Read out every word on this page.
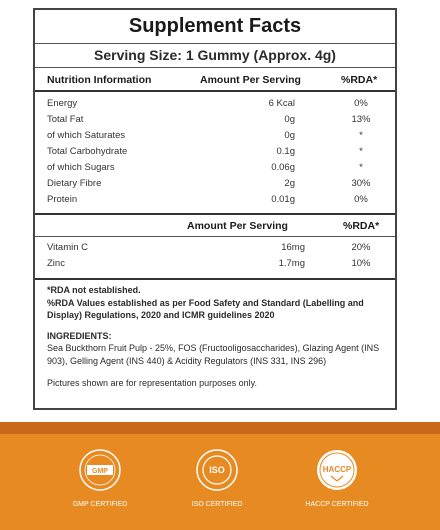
Supplement Facts
Serving Size: 1 Gummy (Approx. 4g)
Nutrition Information	Amount Per Serving	%RDA*
Energy	6 Kcal	0%
Total Fat	0g	13%
of which Saturates	0g	*
Total Carbohydrate	0.1g	*
of which Sugars	0.06g	*
Dietary Fibre	2g	30%
Protein	0.01g	0%
Amount Per Serving	%RDA*
Vitamin C	16mg	20%
Zinc	1.7mg	10%
*RDA not established.
%RDA Values established as per Food Safety and Standard (Labelling and Display) Regulations, 2020 and ICMR guidelines 2020
INGREDIENTS:
Sea Buckthorn Fruit Pulp - 25%, FOS (Fructooligosaccharides), Glazing Agent (INS 903), Gelling Agent (INS 440) & Acidity Regulators (INS 331, INS 296)
Pictures shown are for representation purposes only.
GMP
GMP CERTIFIED
ISO
ISO CERTIFIED
HACCP
HACCP CERTIFIED
